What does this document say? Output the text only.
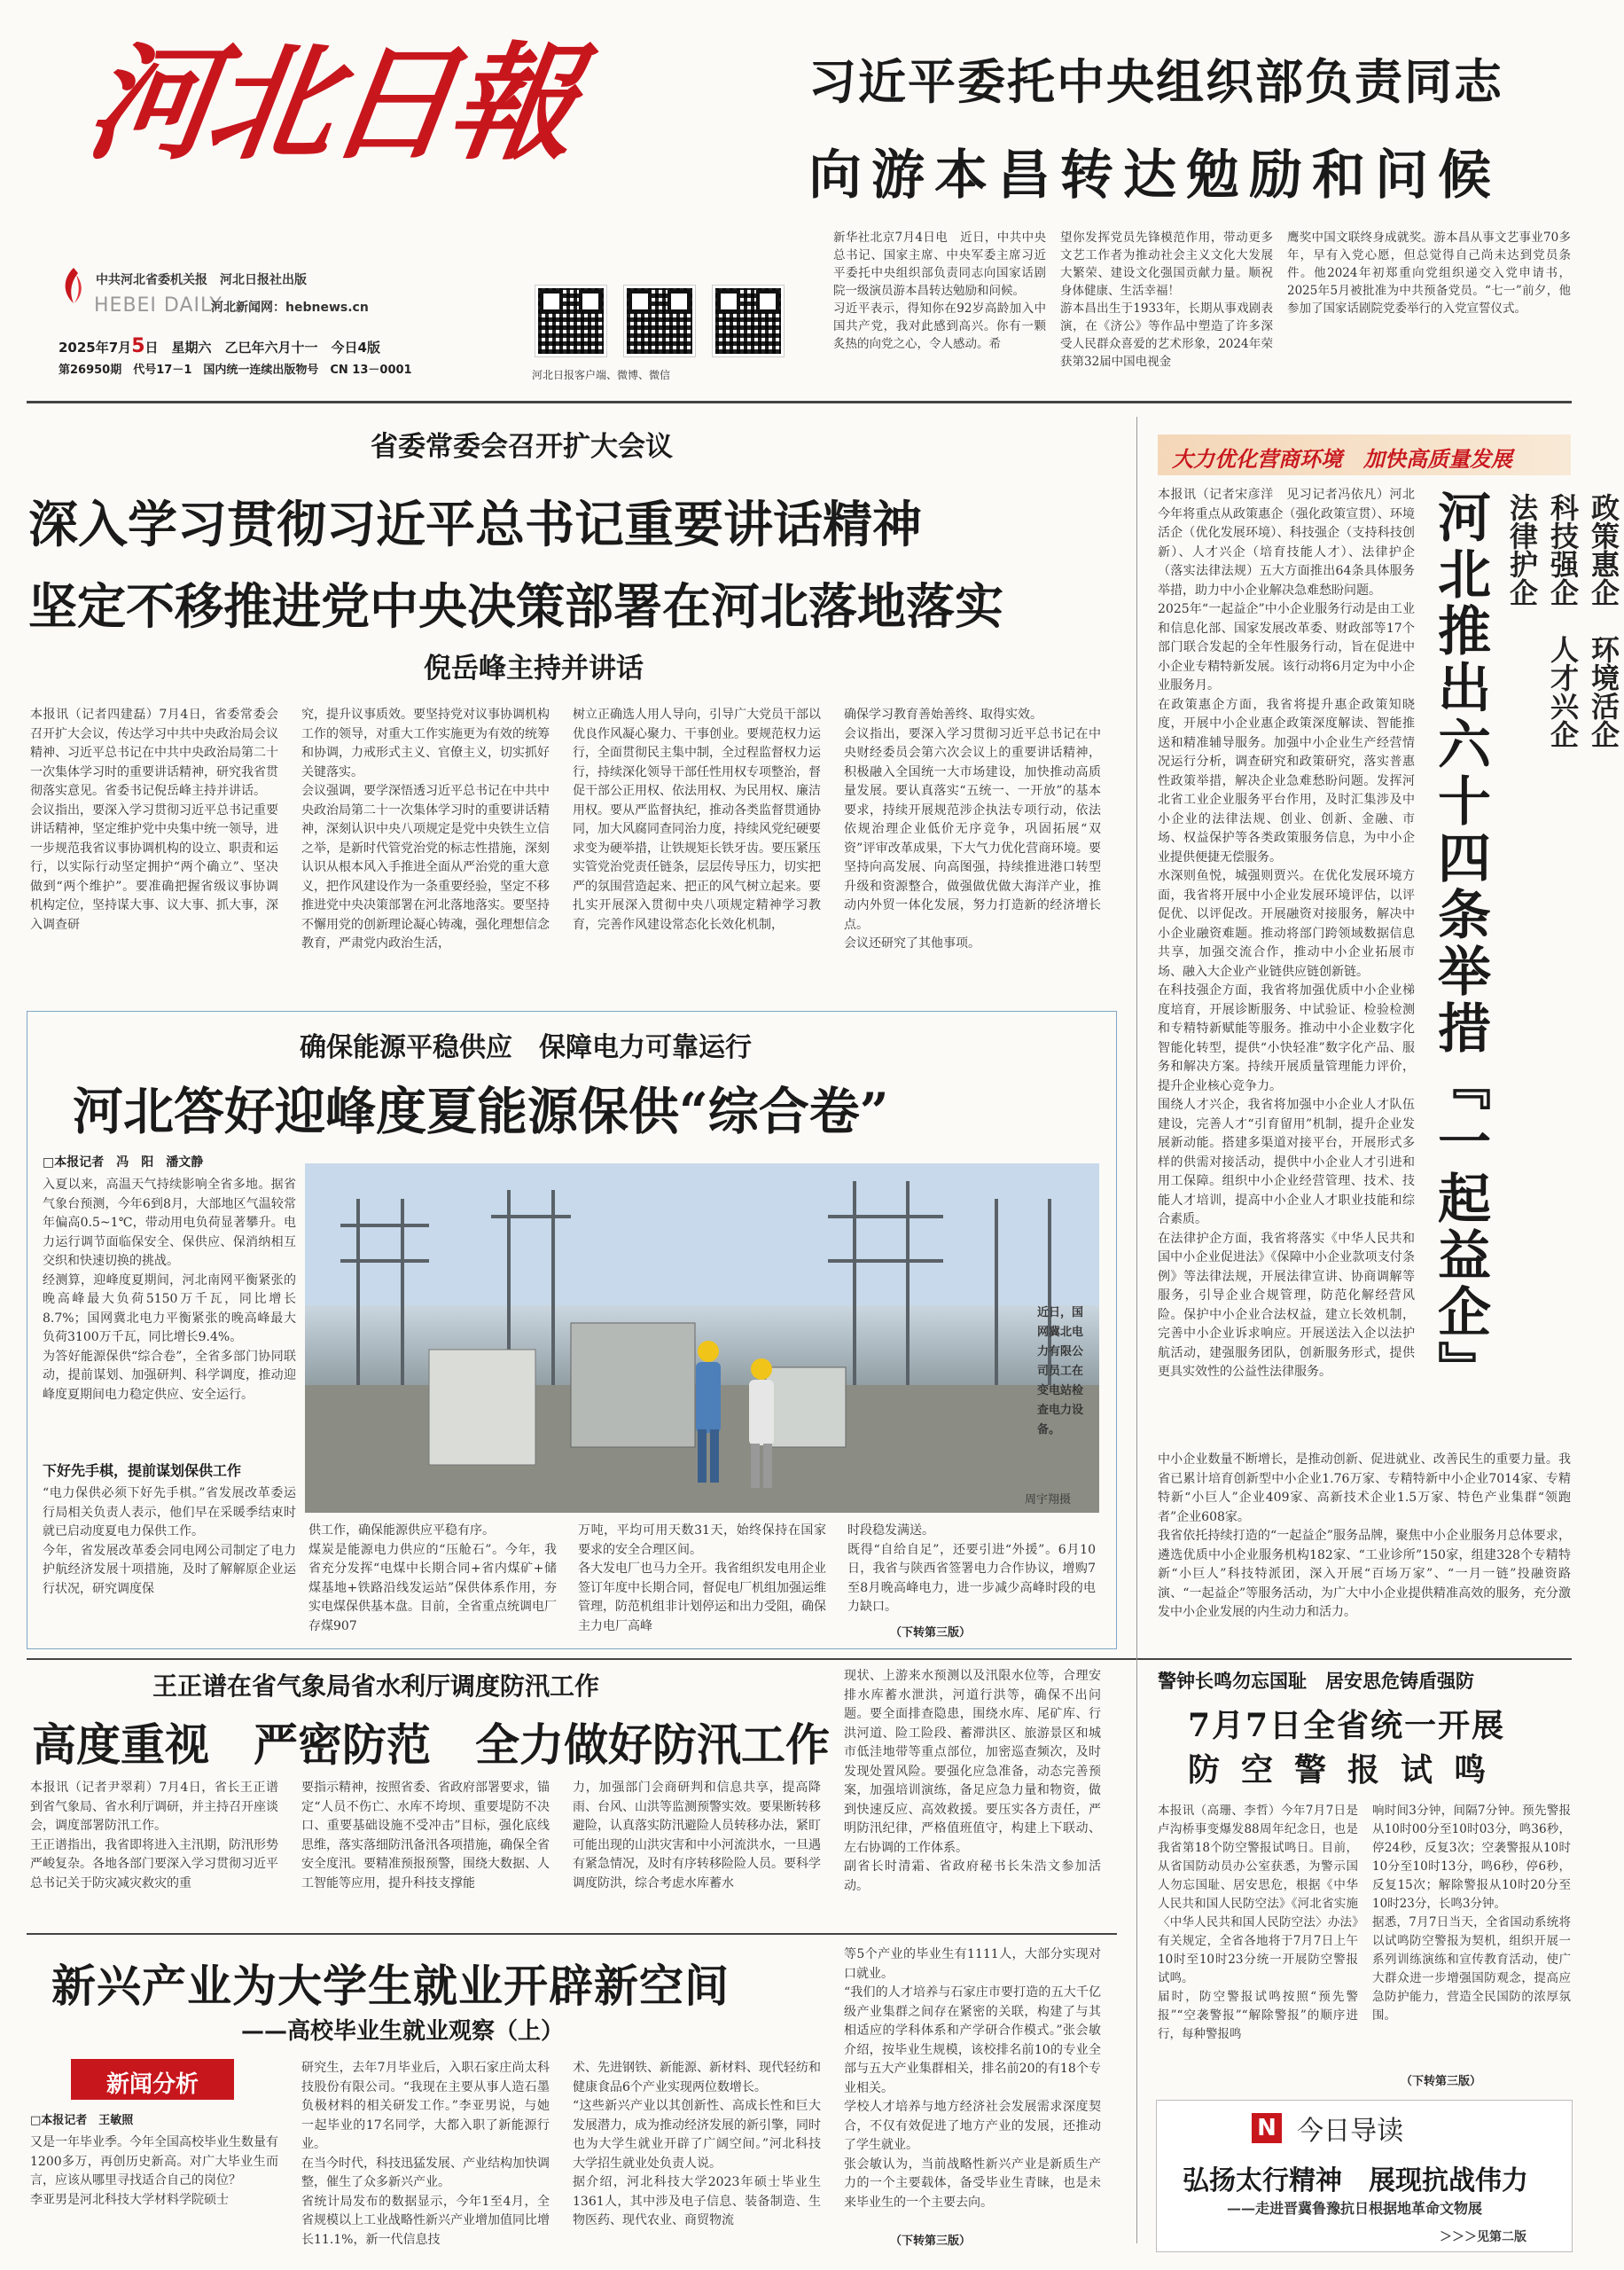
河北日報
中共河北省委机关报　河北日报社出版
HEBEI DAILY
河北新闻网：hebnews.cn
2025年7月5日　星期六　乙巳年六月十一　今日4版
第26950期　代号17－1　国内统一连续出版物号　CN 13－0001	河北日报客户端、微博、微信
习近平委托中央组织部负责同志
向游本昌转达勉励和问候
新华社北京7月4日电　近日，中共中央总书记、国家主席、中央军委主席习近平委托中央组织部负责同志向国家话剧院一级演员游本昌转达勉励和问候。
习近平表示，得知你在92岁高龄加入中国共产党，我对此感到高兴。你有一颗炙热的向党之心，令人感动。希
望你发挥党员先锋模范作用，带动更多文艺工作者为推动社会主义文化大发展大繁荣、建设文化强国贡献力量。顺祝身体健康、生活幸福！
游本昌出生于1933年，长期从事戏剧表演，在《济公》等作品中塑造了许多深受人民群众喜爱的艺术形象，2024年荣获第32届中国电视金
鹰奖中国文联终身成就奖。游本昌从事文艺事业70多年，早有入党心愿，但总觉得自己尚未达到党员条件。他2024年初郑重向党组织递交入党申请书，2025年5月被批准为中共预备党员。“七一”前夕，他参加了国家话剧院党委举行的入党宣誓仪式。
省委常委会召开扩大会议
深入学习贯彻习近平总书记重要讲话精神
坚定不移推进党中央决策部署在河北落地落实
倪岳峰主持并讲话
本报讯（记者四建磊）7月4日，省委常委会召开扩大会议，传达学习中共中央政治局会议精神、习近平总书记在中共中央政治局第二十一次集体学习时的重要讲话精神，研究我省贯彻落实意见。省委书记倪岳峰主持并讲话。
会议指出，要深入学习贯彻习近平总书记重要讲话精神，坚定维护党中央集中统一领导，进一步规范我省议事协调机构的设立、职责和运行，以实际行动坚定拥护“两个确立”、坚决做到“两个维护”。要准确把握省级议事协调机构定位，坚持谋大事、议大事、抓大事，深入调查研
究，提升议事质效。要坚持党对议事协调机构工作的领导，对重大工作实施更为有效的统筹和协调，力戒形式主义、官僚主义，切实抓好关键落实。
会议强调，要学深悟透习近平总书记在中共中央政治局第二十一次集体学习时的重要讲话精神，深刻认识中央八项规定是党中央铁生立信之举，是新时代管党治党的标志性措施，深刻认识从根本风入手推进全面从严治党的重大意义，把作风建设作为一条重要经验，坚定不移推进党中央决策部署在河北落地落实。要坚持不懈用党的创新理论凝心铸魂，强化理想信念教育，严肃党内政治生活，
树立正确选人用人导向，引导广大党员干部以优良作风凝心聚力、干事创业。要规范权力运行，全面贯彻民主集中制，全过程监督权力运行，持续深化领导干部任性用权专项整治，督促干部公正用权、依法用权、为民用权、廉洁用权。要从严监督执纪，推动各类监督贯通协同，加大风腐同查同治力度，持续风党纪硬要求变为硬举措，让铁规矩长铁牙齿。要压紧压实管党治党责任链条，层层传导压力，切实把严的氛围营造起来、把正的风气树立起来。要扎实开展深入贯彻中央八项规定精神学习教育，完善作风建设常态化长效化机制，
确保学习教育善始善终、取得实效。
会议指出，要深入学习贯彻习近平总书记在中央财经委员会第六次会议上的重要讲话精神，积极融入全国统一大市场建设，加快推动高质量发展。要认真落实“五统一、一开放”的基本要求，持续开展规范涉企执法专项行动，依法依规治理企业低价无序竞争，巩固拓展“双资”评审改革成果，下大气力优化营商环境。要坚持向高发展、向高图强，持续推进港口转型升级和资源整合，做强做优做大海洋产业，推动内外贸一体化发展，努力打造新的经济增长点。
会议还研究了其他事项。
确保能源平稳供应　保障电力可靠运行
河北答好迎峰度夏能源保供“综合卷”
□本报记者　冯　阳　潘文静
入夏以来，高温天气持续影响全省多地。据省气象台预测，今年6到8月，大部地区气温较常年偏高0.5~1℃，带动用电负荷显著攀升。电力运行调节面临保安全、保供应、保消纳相互交织和快速切换的挑战。
经测算，迎峰度夏期间，河北南网平衡紧张的晚高峰最大负荷5150万千瓦，同比增长8.7%；国网冀北电力平衡紧张的晚高峰最大负荷3100万千瓦，同比增长9.4%。
为答好能源保供“综合卷”，全省多部门协同联动，提前谋划、加强研判、科学调度，推动迎峰度夏期间电力稳定供应、安全运行。
下好先手棋，提前谋划保供工作
“电力保供必须下好先手棋。”省发展改革委运行局相关负责人表示，他们早在采暖季结束时就已启动度夏电力保供工作。
今年，省发展改革委会同电网公司制定了电力护航经济发展十项措施，及时了解解原企业运行状况，研究调度保
近日，国网冀北电力有限公司员工在变电站检查电力设备。
周宇翔摄
供工作，确保能源供应平稳有序。
煤炭是能源电力供应的“压舱石”。今年，我省充分发挥“电煤中长期合同+省内煤矿+储煤基地+铁路沿线发运站”保供体系作用，夯实电煤保供基本盘。目前，全省重点统调电厂存煤907
万吨，平均可用天数31天，始终保持在国家要求的安全合理区间。
各大发电厂也马力全开。我省组织发电用企业签订年度中长期合同，督促电厂机组加强运维管理，防范机组非计划停运和出力受阻，确保主力电厂高峰
时段稳发满送。
既得“自给自足”，还要引进“外援”。6月10日，我省与陕西省签署电力合作协议，增购7至8月晚高峰电力，进一步减少高峰时段的电力缺口。
（下转第三版）
大力优化营商环境　加快高质量发展
政策惠企　环境活企
科技强企　人才兴企
法律护企
河北推出六十四条举措『一起益企』
本报讯（记者宋彦洋　见习记者冯依凡）河北今年将重点从政策惠企（强化政策宣贯）、环境活企（优化发展环境）、科技强企（支持科技创新）、人才兴企（培育技能人才）、法律护企（落实法律法规）五大方面推出64条具体服务举措，助力中小企业解决急难愁盼问题。
2025年“一起益企”中小企业服务行动是由工业和信息化部、国家发展改革委、财政部等17个部门联合发起的全年性服务行动，旨在促进中小企业专精特新发展。该行动将6月定为中小企业服务月。
在政策惠企方面，我省将提升惠企政策知晓度，开展中小企业惠企政策深度解读、智能推送和精准辅导服务。加强中小企业生产经营情况运行分析，调查研究和政策研究，落实普惠性政策举措，解决企业急难愁盼问题。发挥河北省工业企业服务平台作用，及时汇集涉及中小企业的法律法规、创业、创新、金融、市场、权益保护等各类政策服务信息，为中小企业提供便捷无偿服务。
水深则鱼悦，城强则贾兴。在优化发展环境方面，我省将开展中小企业发展环境评估，以评促优、以评促改。开展融资对接服务，解决中小企业融资难题。推动将部门跨领域数据信息共享，加强交流合作，推动中小企业拓展市场、融入大企业产业链供应链创新链。
在科技强企方面，我省将加强优质中小企业梯度培育，开展诊断服务、中试验证、检验检测和专精特新赋能等服务。推动中小企业数字化智能化转型，提供“小快轻准”数字化产品、服务和解决方案。持续开展质量管理能力评价，提升企业核心竞争力。
围绕人才兴企，我省将加强中小企业人才队伍建设，完善人才“引育留用”机制，提升企业发展新动能。搭建多渠道对接平台，开展形式多样的供需对接活动，提供中小企业人才引进和用工保障。组织中小企业经营管理、技术、技能人才培训，提高中小企业人才职业技能和综合素质。
在法律护企方面，我省将落实《中华人民共和国中小企业促进法》《保障中小企业款项支付条例》等法律法规，开展法律宣讲、协商调解等服务，引导企业合规管理，防范化解经营风险。保护中小企业合法权益，建立长效机制，完善中小企业诉求响应。开展送法入企以法护航活动，建强服务团队，创新服务形式，提供更具实效性的公益性法律服务。
中小企业数量不断增长，是推动创新、促进就业、改善民生的重要力量。我省已累计培育创新型中小企业1.76万家、专精特新中小企业7014家、专精特新“小巨人”企业409家、高新技术企业1.5万家、特色产业集群“领跑者”企业608家。
我省依托持续打造的“一起益企”服务品牌，聚焦中小企业服务月总体要求，遴选优质中小企业服务机构182家、“工业诊所”150家，组建328个专精特新“小巨人”科技特派团，深入开展“百场万家”、“一月一链”投融资路演、“一起益企”等服务活动，为广大中小企业提供精准高效的服务，充分激发中小企业发展的内生动力和活力。
王正谱在省气象局省水利厅调度防汛工作
高度重视　严密防范　全力做好防汛工作
本报讯（记者尹翠莉）7月4日，省长王正谱到省气象局、省水利厅调研，并主持召开座谈会，调度部署防汛工作。
王正谱指出，我省即将进入主汛期，防汛形势严峻复杂。各地各部门要深入学习贯彻习近平总书记关于防灾减灾救灾的重
要指示精神，按照省委、省政府部署要求，锚定“人员不伤亡、水库不垮坝、重要堤防不决口、重要基础设施不受冲击”目标，强化底线思维，落实落细防汛备汛各项措施，确保全省安全度汛。要精准预报预警，围绕大数据、人工智能等应用，提升科技支撑能
力，加强部门会商研判和信息共享，提高降雨、台风、山洪等监测预警实效。要果断转移避险，认真落实防汛避险人员转移办法，紧盯可能出现的山洪灾害和中小河流洪水，一旦遇有紧急情况，及时有序转移险险人员。要科学调度防洪，综合考虑水库蓄水
现状、上游来水预测以及汛限水位等，合理安排水库蓄水泄洪，河道行洪等，确保不出问题。要全面排查隐患，围绕水库、尾矿库、行洪河道、险工险段、蓄滞洪区、旅游景区和城市低洼地带等重点部位，加密巡查频次，及时发现处置风险。要强化应急准备，动态完善预案，加强培训演练，备足应急力量和物资，做到快速反应、高效救援。要压实各方责任，严明防汛纪律，严格值班值守，构建上下联动、左右协调的工作体系。
副省长时清霜、省政府秘书长朱浩文参加活动。
警钟长鸣勿忘国耻　居安思危铸盾强防
7月7日全省统一开展
防空警报试鸣
本报讯（高珊、李哲）今年7月7日是卢沟桥事变爆发88周年纪念日，也是我省第18个防空警报试鸣日。目前，从省国防动员办公室获悉，为警示国人勿忘国耻、居安思危，根据《中华人民共和国人民防空法》《河北省实施〈中华人民共和国人民防空法〉办法》有关规定，全省各地将于7月7日上午10时至10时23分统一开展防空警报试鸣。
届时，防空警报试鸣按照“预先警报”“空袭警报”“解除警报”的顺序进行，每种警报鸣
响时间3分钟，间隔7分钟。预先警报从10时00分至10时03分，鸣36秒，停24秒，反复3次；空袭警报从10时10分至10时13分，鸣6秒，停6秒，反复15次；解除警报从10时20分至10时23分，长鸣3分钟。
据悉，7月7日当天，全省国动系统将以试鸣防空警报为契机，组织开展一系列训练演练和宣传教育活动，使广大群众进一步增强国防观念，提高应急防护能力，营造全民国防的浓厚氛围。
（下转第三版）
新兴产业为大学生就业开辟新空间
——高校毕业生就业观察（上）
新闻分析
□本报记者　王敏照
又是一年毕业季。今年全国高校毕业生数量有1200多万，再创历史新高。对广大毕业生而言，应该从哪里寻找适合自己的岗位？
李亚男是河北科技大学材料学院硕士
研究生，去年7月毕业后，入职石家庄尚太科技股份有限公司。“我现在主要从事人造石墨负极材料的相关研发工作。”李亚男说，与她一起毕业的17名同学，大都入职了新能源行业。
在当今时代，科技迅猛发展、产业结构加快调整，催生了众多新兴产业。
省统计局发布的数据显示，今年1至4月，全省规模以上工业战略性新兴产业增加值同比增长11.1%，新一代信息技
术、先进钢铁、新能源、新材料、现代轻纺和健康食品6个产业实现两位数增长。
“这些新兴产业以其创新性、高成长性和巨大发展潜力，成为推动经济发展的新引擎，同时也为大学生就业开辟了广阔空间。”河北科技大学招生就业处负责人说。
据介绍，河北科技大学2023年硕士毕业生1361人，其中涉及电子信息、装备制造、生物医药、现代农业、商贸物流
等5个产业的毕业生有1111人，大部分实现对口就业。
“我们的人才培养与石家庄市要打造的五大千亿级产业集群之间存在紧密的关联，构建了与其相适应的学科体系和产学研合作模式。”张会敏介绍，按毕业生规模，该校排名前10的专业全部与五大产业集群相关，排名前20的有18个专业相关。
学校人才培养与地方经济社会发展需求深度契合，不仅有效促进了地方产业的发展，还推动了学生就业。
张会敏认为，当前战略性新兴产业是新质生产力的一个主要载体，备受毕业生青睐，也是未来毕业生的一个主要去向。
（下转第三版）
N 今日导读
弘扬太行精神　展现抗战伟力
——走进晋冀鲁豫抗日根据地革命文物展
＞＞＞见第二版
